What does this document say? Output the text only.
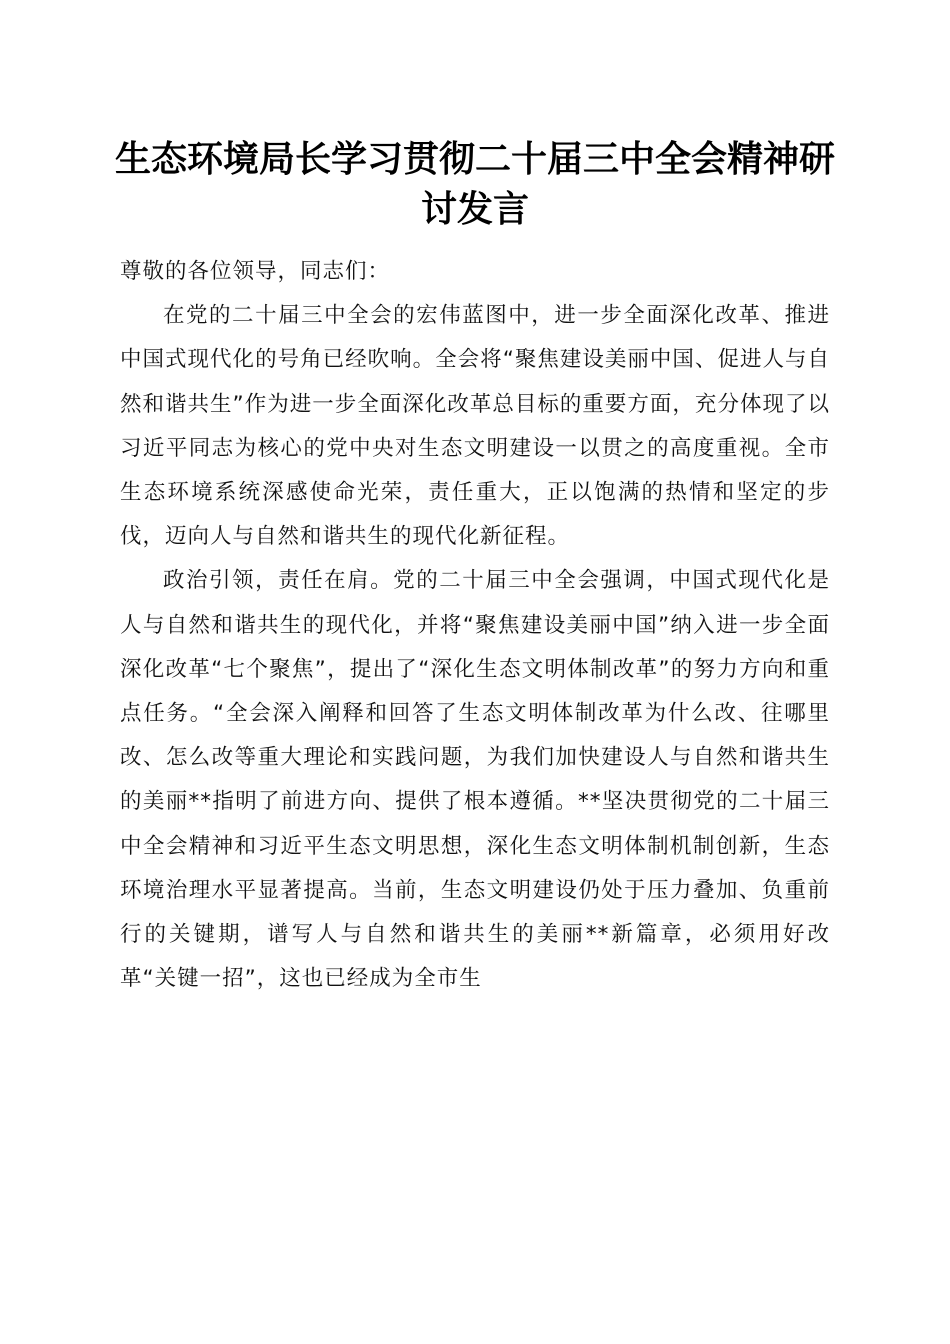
生态环境局长学习贯彻二十届三中全会精神研讨发言

尊敬的各位领导，同志们：

在党的二十届三中全会的宏伟蓝图中，进一步全面深化改革、推进中国式现代化的号角已经吹响。全会将“聚焦建设美丽中国、促进人与自然和谐共生”作为进一步全面深化改革总目标的重要方面，充分体现了以习近平同志为核心的党中央对生态文明建设一以贯之的高度重视。全市生态环境系统深感使命光荣，责任重大，正以饱满的热情和坚定的步伐，迈向人与自然和谐共生的现代化新征程。

政治引领，责任在肩。党的二十届三中全会强调，中国式现代化是人与自然和谐共生的现代化，并将“聚焦建设美丽中国”纳入进一步全面深化改革“七个聚焦”，提出了“深化生态文明体制改革”的努力方向和重点任务。“全会深入阐释和回答了生态文明体制改革为什么改、往哪里改、怎么改等重大理论和实践问题，为我们加快建设人与自然和谐共生的美丽**指明了前进方向、提供了根本遵循。**坚决贯彻党的二十届三中全会精神和习近平生态文明思想，深化生态文明体制机制创新，生态环境治理水平显著提高。当前，生态文明建设仍处于压力叠加、负重前行的关键期，谱写人与自然和谐共生的美丽**新篇章，必须用好改革“关键一招”，这也已经成为全市生
